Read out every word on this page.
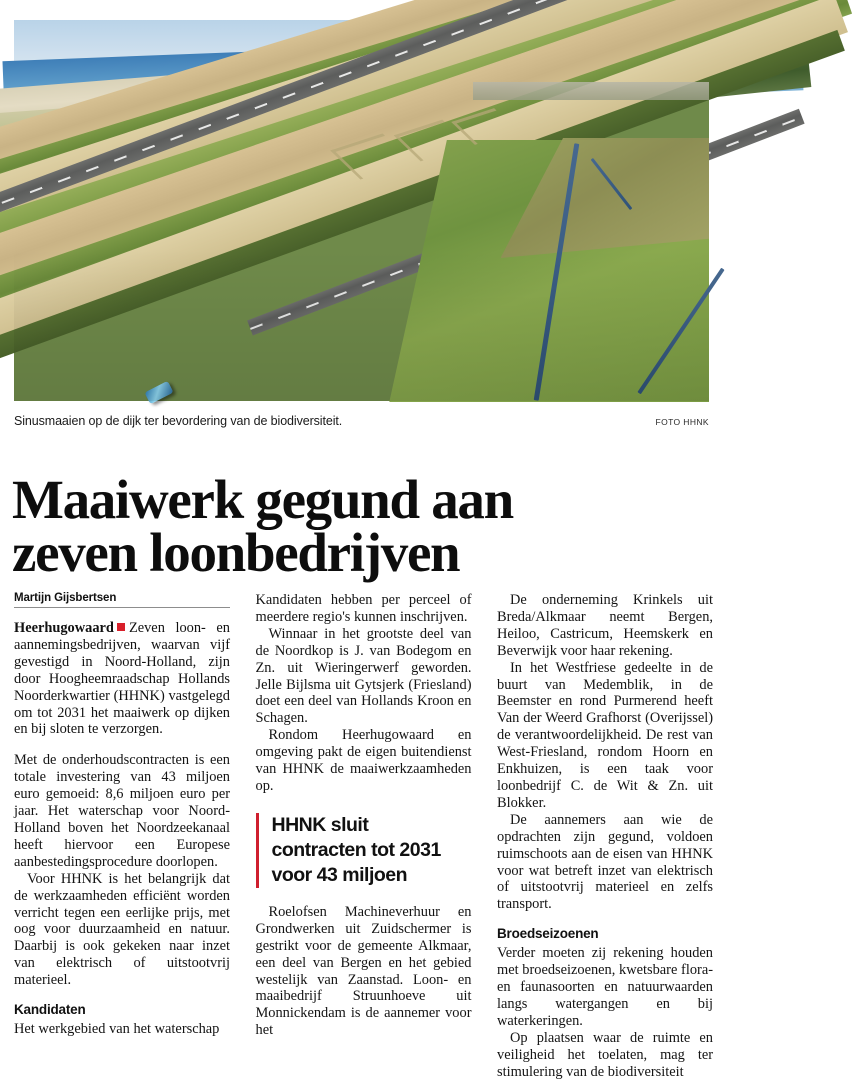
Sinusmaaien op de dijk ter bevordering van de biodiversiteit.	FOTO HHNK
Maaiwerk gegund aan
zeven loonbedrijven
Martijn Gijsbertsen

Heerhugowaard Zeven loon- en aannemingsbedrijven, waarvan vijf gevestigd in Noord-Holland, zijn door Hoogheemraadschap Hollands Noorderkwartier (HHNK) vastgelegd om tot 2031 het maaiwerk op dijken en bij sloten te verzorgen.

Met de onderhoudscontracten is een totale investering van 43 miljoen euro gemoeid: 8,6 miljoen euro per jaar. Het waterschap voor Noord-Holland boven het Noordzeekanaal heeft hiervoor een Europese aanbestedingsprocedure doorlopen.

Voor HHNK is het belangrijk dat de werkzaamheden efficiënt worden verricht tegen een eerlijke prijs, met oog voor duurzaamheid en natuur. Daarbij is ook gekeken naar inzet van elektrisch of uitstootvrij materieel.

Kandidaten

Het werkgebied van het waterschap

Kandidaten hebben per perceel of meerdere regio's kunnen inschrijven.

Winnaar in het grootste deel van de Noordkop is J. van Bodegom en Zn. uit Wieringerwerf geworden. Jelle Bijlsma uit Gytsjerk (Friesland) doet een deel van Hollands Kroon en Schagen.

Rondom Heerhugowaard en omgeving pakt de eigen buitendienst van HHNK de maaiwerkzaamheden op.

HHNK sluit
contracten tot 2031
voor 43 miljoen

Roelofsen Machineverhuur en Grondwerken uit Zuidschermer is gestrikt voor de gemeente Alkmaar, een deel van Bergen en het gebied westelijk van Zaanstad. Loon- en maaibedrijf Struunhoeve uit Monnickendam is de aannemer voor het

De onderneming Krinkels uit Breda/Alkmaar neemt Bergen, Heiloo, Castricum, Heemskerk en Beverwijk voor haar rekening.

In het Westfriese gedeelte in de buurt van Medemblik, in de Beemster en rond Purmerend heeft Van der Weerd Grafhorst (Overijssel) de verantwoordelijkheid. De rest van West-Friesland, rondom Hoorn en Enkhuizen, is een taak voor loonbedrijf C. de Wit & Zn. uit Blokker.

De aannemers aan wie de opdrachten zijn gegund, voldoen ruimschoots aan de eisen van HHNK voor wat betreft inzet van elektrisch of uitstootvrij materieel en zelfs transport.

Broedseizoenen

Verder moeten zij rekening houden met broedseizoenen, kwetsbare flora- en faunasoorten en natuurwaarden langs watergangen en bij waterkeringen.

Op plaatsen waar de ruimte en veiligheid het toelaten, mag ter stimulering van de biodiversiteit
